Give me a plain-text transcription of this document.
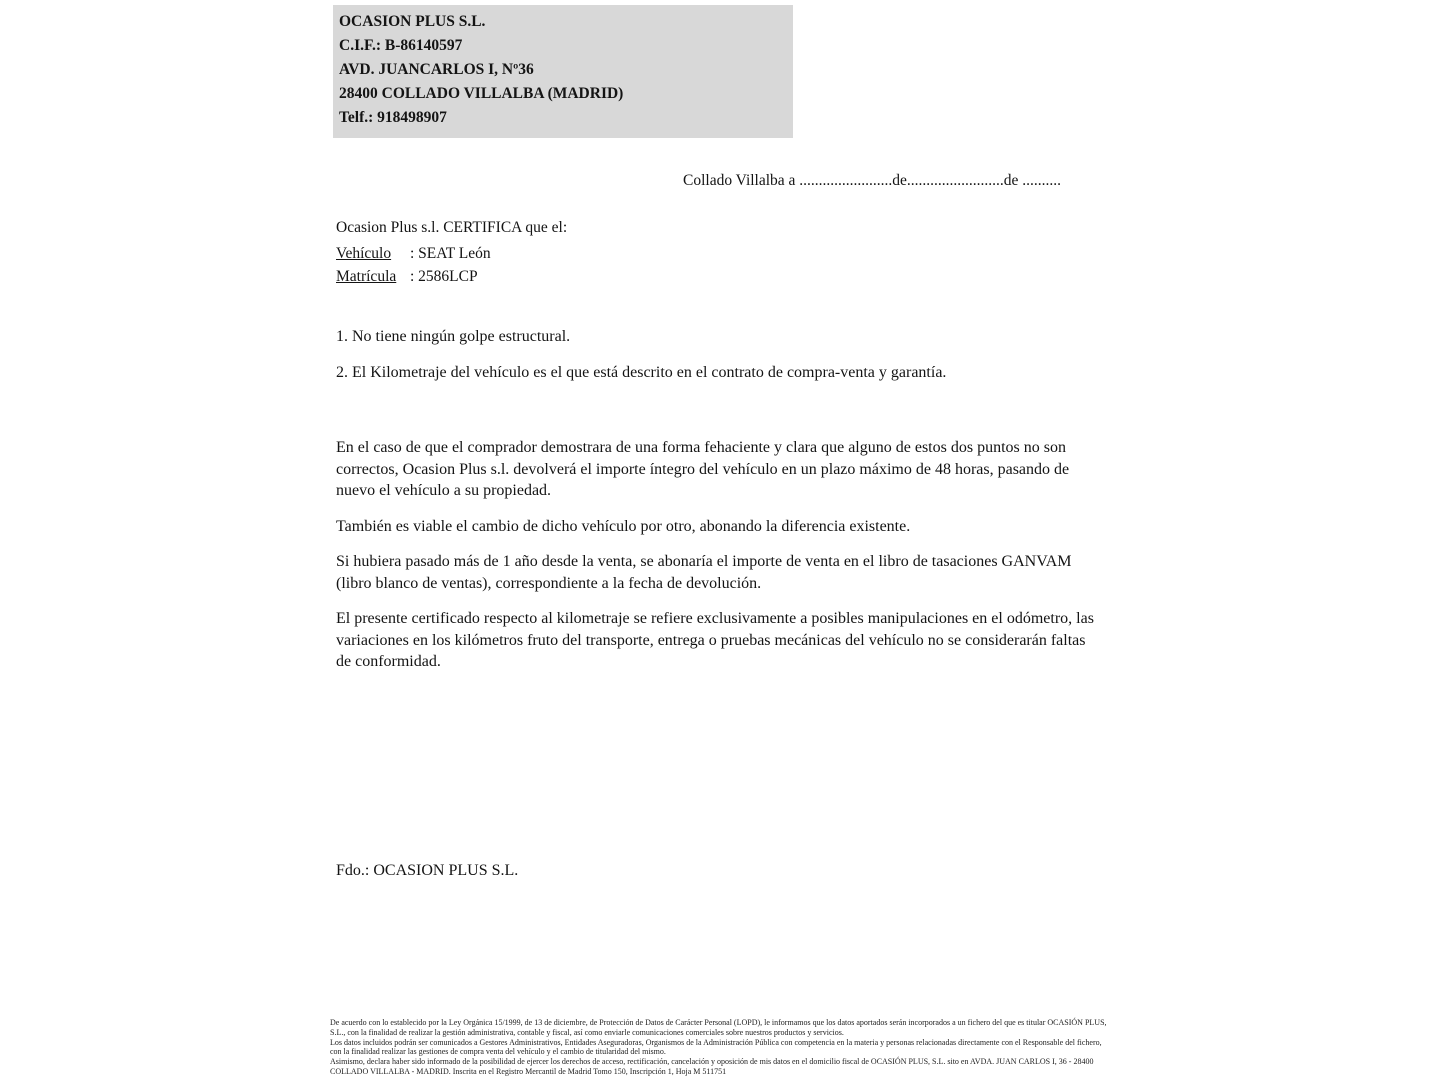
OCASION PLUS S.L.
C.I.F.: B-86140597
AVD. JUANCARLOS I, Nº36
28400 COLLADO VILLALBA (MADRID)
Telf.: 918498907
Collado Villalba a ........................de.........................de ..........
Ocasion Plus s.l. CERTIFICA que el:
Vehículo : SEAT León
Matrícula : 2586LCP

1. No tiene ningún golpe estructural.

2. El Kilometraje del vehículo es el que está descrito en el contrato de compra-venta y garantía.

En el caso de que el comprador demostrara de una forma fehaciente y clara que alguno de estos dos puntos no son correctos, Ocasion Plus s.l. devolverá el importe íntegro del vehículo en un plazo máximo de 48 horas, pasando de nuevo el vehículo a su propiedad.

También es viable el cambio de dicho vehículo por otro, abonando la diferencia existente.

Si hubiera pasado más de 1 año desde la venta, se abonaría el importe de venta en el libro de tasaciones GANVAM (libro blanco de ventas), correspondiente a la fecha de devolución.

El presente certificado respecto al kilometraje se refiere exclusivamente a posibles manipulaciones en el odómetro, las variaciones en los kilómetros fruto del transporte, entrega o pruebas mecánicas del vehículo no se considerarán faltas de conformidad.

Fdo.: OCASION PLUS S.L.

De acuerdo con lo establecido por la Ley Orgánica 15/1999, de 13 de diciembre, de Protección de Datos de Carácter Personal (LOPD), le informamos que los datos aportados serán incorporados a un fichero del que es titular OCASIÓN PLUS, S.L., con la finalidad de realizar la gestión administrativa, contable y fiscal, así como enviarle comunicaciones comerciales sobre nuestros productos y servicios.

Los datos incluidos podrán ser comunicados a Gestores Administrativos, Entidades Aseguradoras, Organismos de la Administración Pública con competencia en la materia y personas relacionadas directamente con el Responsable del fichero, con la finalidad realizar las gestiones de compra venta del vehículo y el cambio de titularidad del mismo.

Asimismo, declara haber sido informado de la posibilidad de ejercer los derechos de acceso, rectificación, cancelación y oposición de mis datos en el domicilio fiscal de OCASIÓN PLUS, S.L. sito en AVDA. JUAN CARLOS I, 36 - 28400 COLLADO VILLALBA - MADRID. Inscrita en el Registro Mercantil de Madrid Tomo 150, Inscripción 1, Hoja M 511751
